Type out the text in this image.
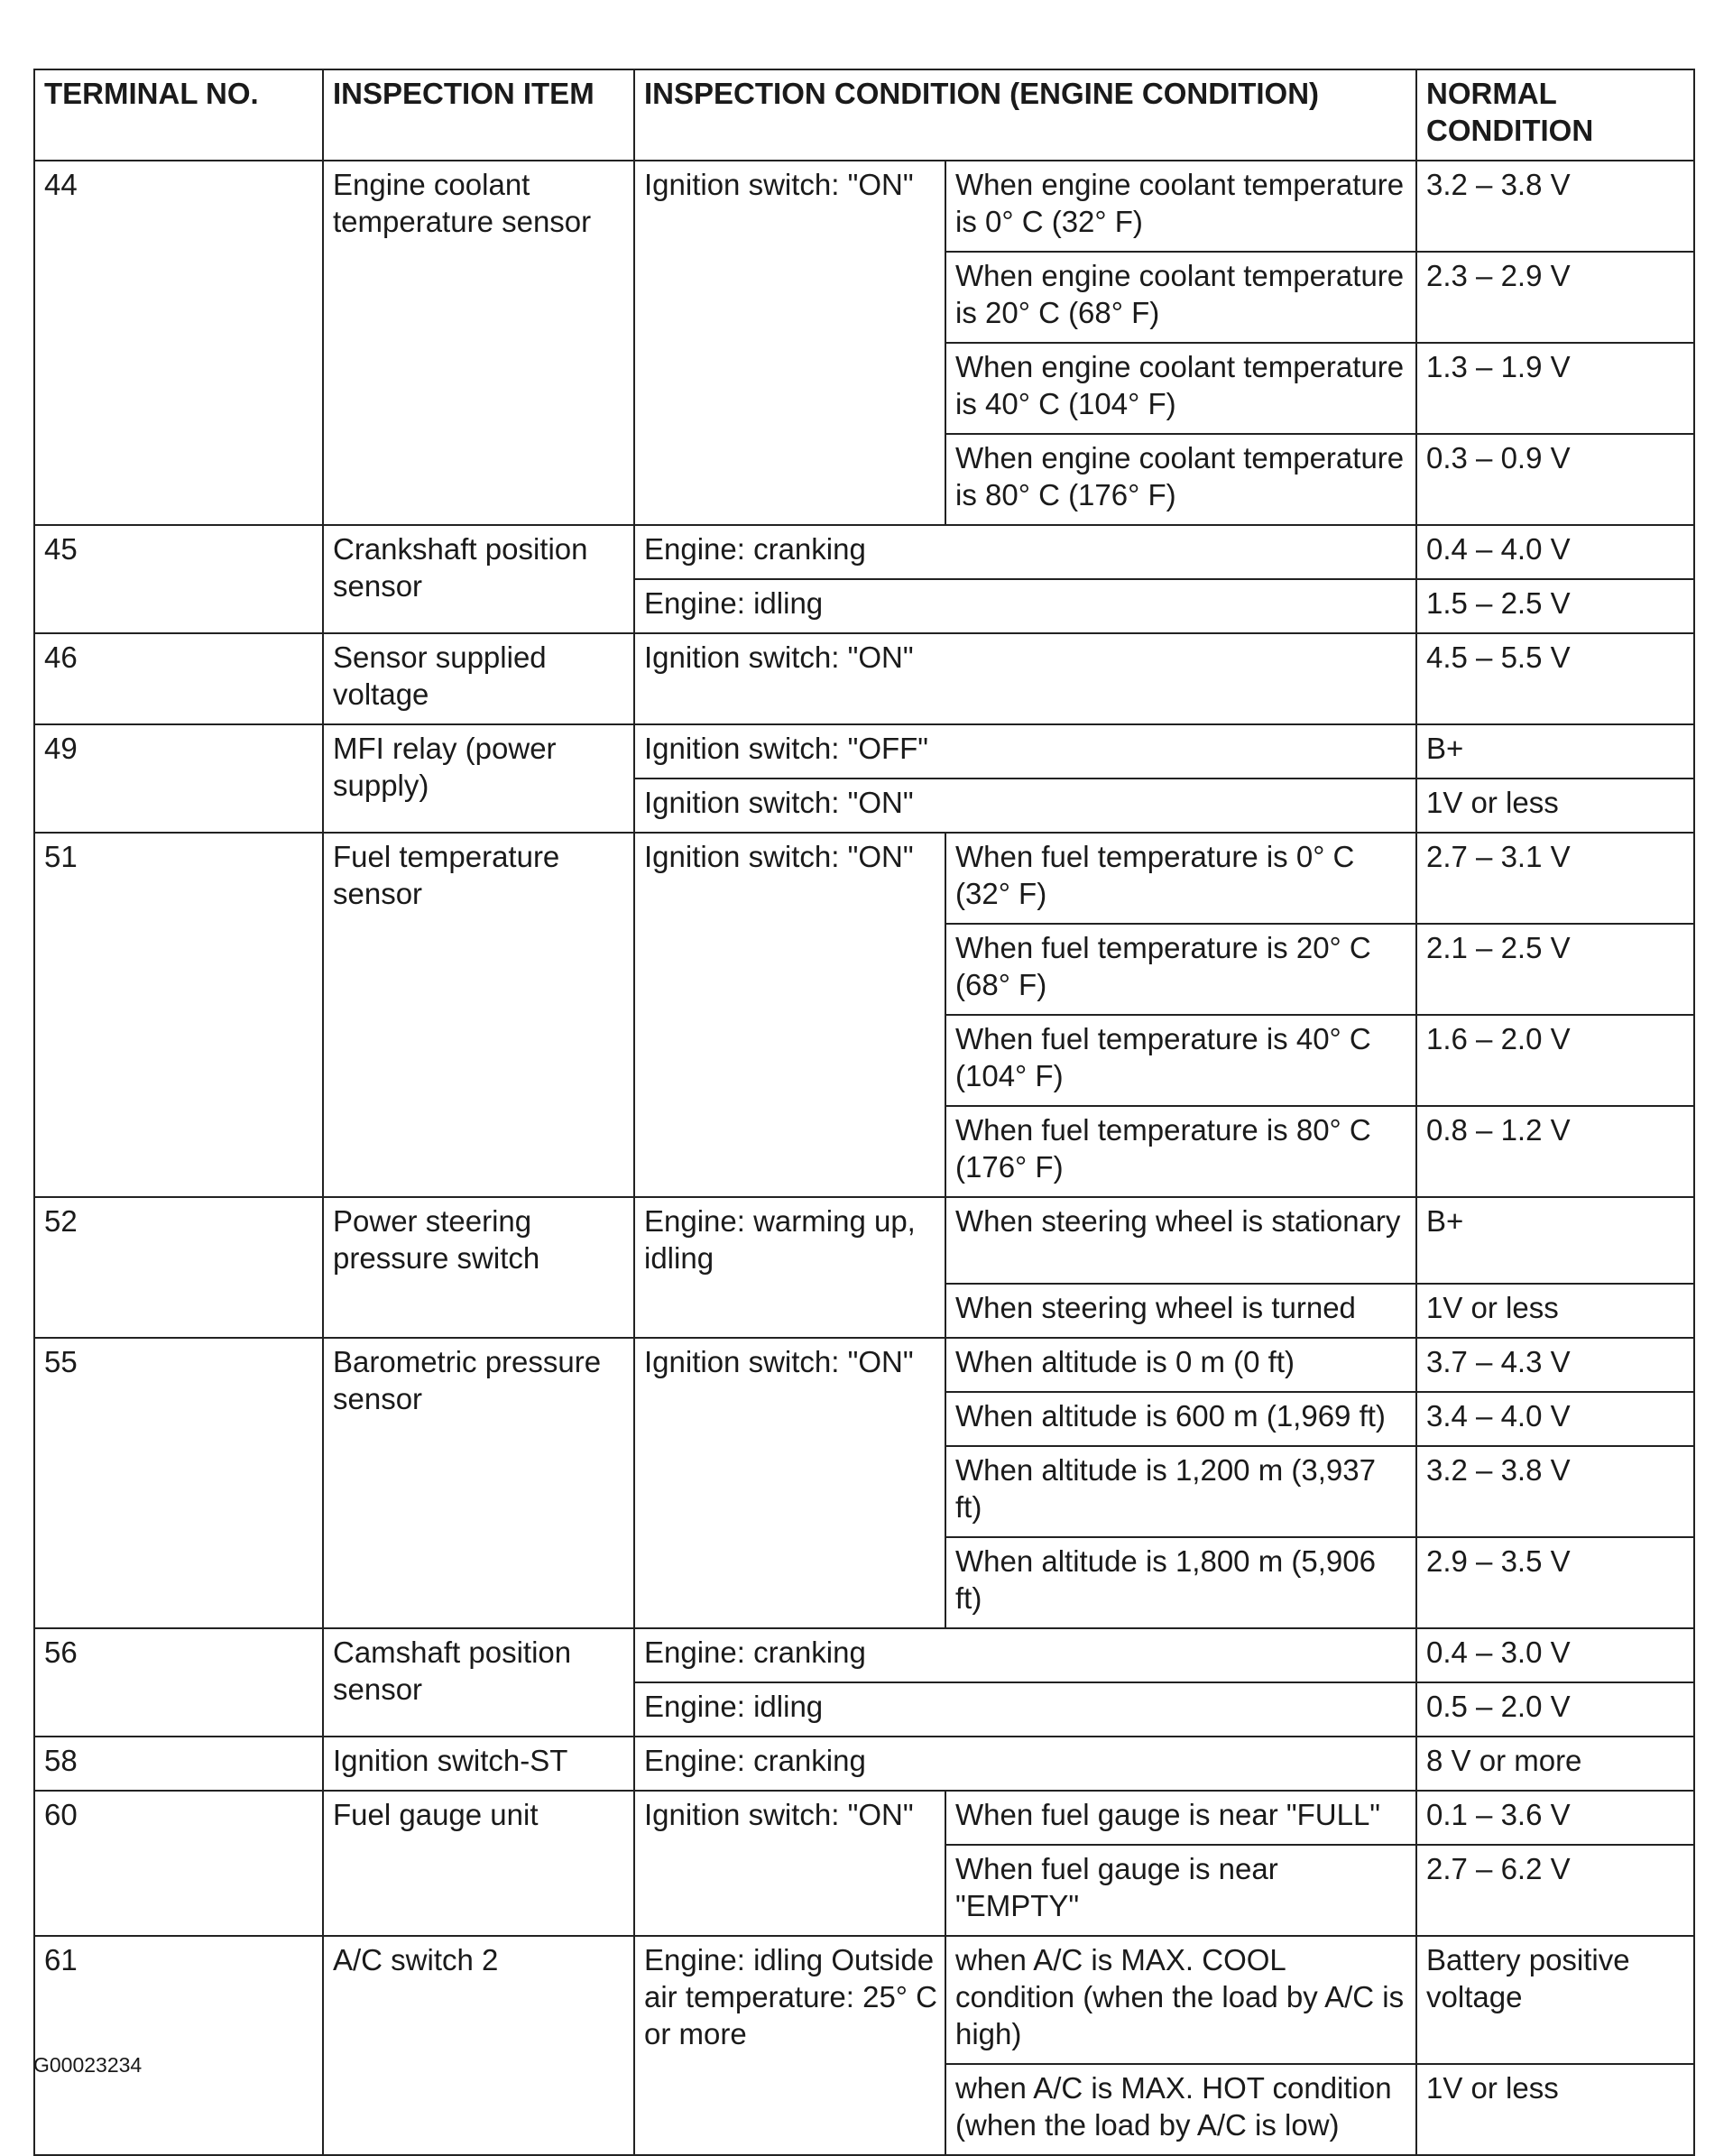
TERMINAL NO.	INSPECTION ITEM	INSPECTION CONDITION (ENGINE CONDITION)		NORMAL CONDITION
44	Engine coolant temperature sensor	Ignition switch: "ON"	When engine coolant temperature is 0° C (32° F)	3.2 – 3.8 V
			When engine coolant temperature is 20° C (68° F)	2.3 – 2.9 V
			When engine coolant temperature is 40° C (104° F)	1.3 – 1.9 V
			When engine coolant temperature is 80° C (176° F)	0.3 – 0.9 V
45	Crankshaft position sensor	Engine: cranking		0.4 – 4.0 V
		Engine: idling		1.5 – 2.5 V
46	Sensor supplied voltage	Ignition switch: "ON"		4.5 – 5.5 V
49	MFI relay (power supply)	Ignition switch: "OFF"		B+
		Ignition switch: "ON"		1V or less
51	Fuel temperature sensor	Ignition switch: "ON"	When fuel temperature is 0° C (32° F)	2.7 – 3.1 V
			When fuel temperature is 20° C (68° F)	2.1 – 2.5 V
			When fuel temperature is 40° C (104° F)	1.6 – 2.0 V
			When fuel temperature is 80° C (176° F)	0.8 – 1.2 V
52	Power steering pressure switch	Engine: warming up, idling	When steering wheel is stationary	B+
			When steering wheel is turned	1V or less
55	Barometric pressure sensor	Ignition switch: "ON"	When altitude is 0 m (0 ft)	3.7 – 4.3 V
			When altitude is 600 m (1,969 ft)	3.4 – 4.0 V
			When altitude is 1,200 m (3,937 ft)	3.2 – 3.8 V
			When altitude is 1,800 m (5,906 ft)	2.9 – 3.5 V
56	Camshaft position sensor	Engine: cranking		0.4 – 3.0 V
		Engine: idling		0.5 – 2.0 V
58	Ignition switch-ST	Engine: cranking		8 V or more
60	Fuel gauge unit	Ignition switch: "ON"	When fuel gauge is near "FULL"	0.1 – 3.6 V
			When fuel gauge is near "EMPTY"	2.7 – 6.2 V
61	A/C switch 2	Engine: idling Outside air temperature: 25° C or more	when A/C is MAX. COOL condition (when the load by A/C is high)	Battery positive voltage
			when A/C is MAX. HOT condition (when the load by A/C is low)	1V or less
G00023234
